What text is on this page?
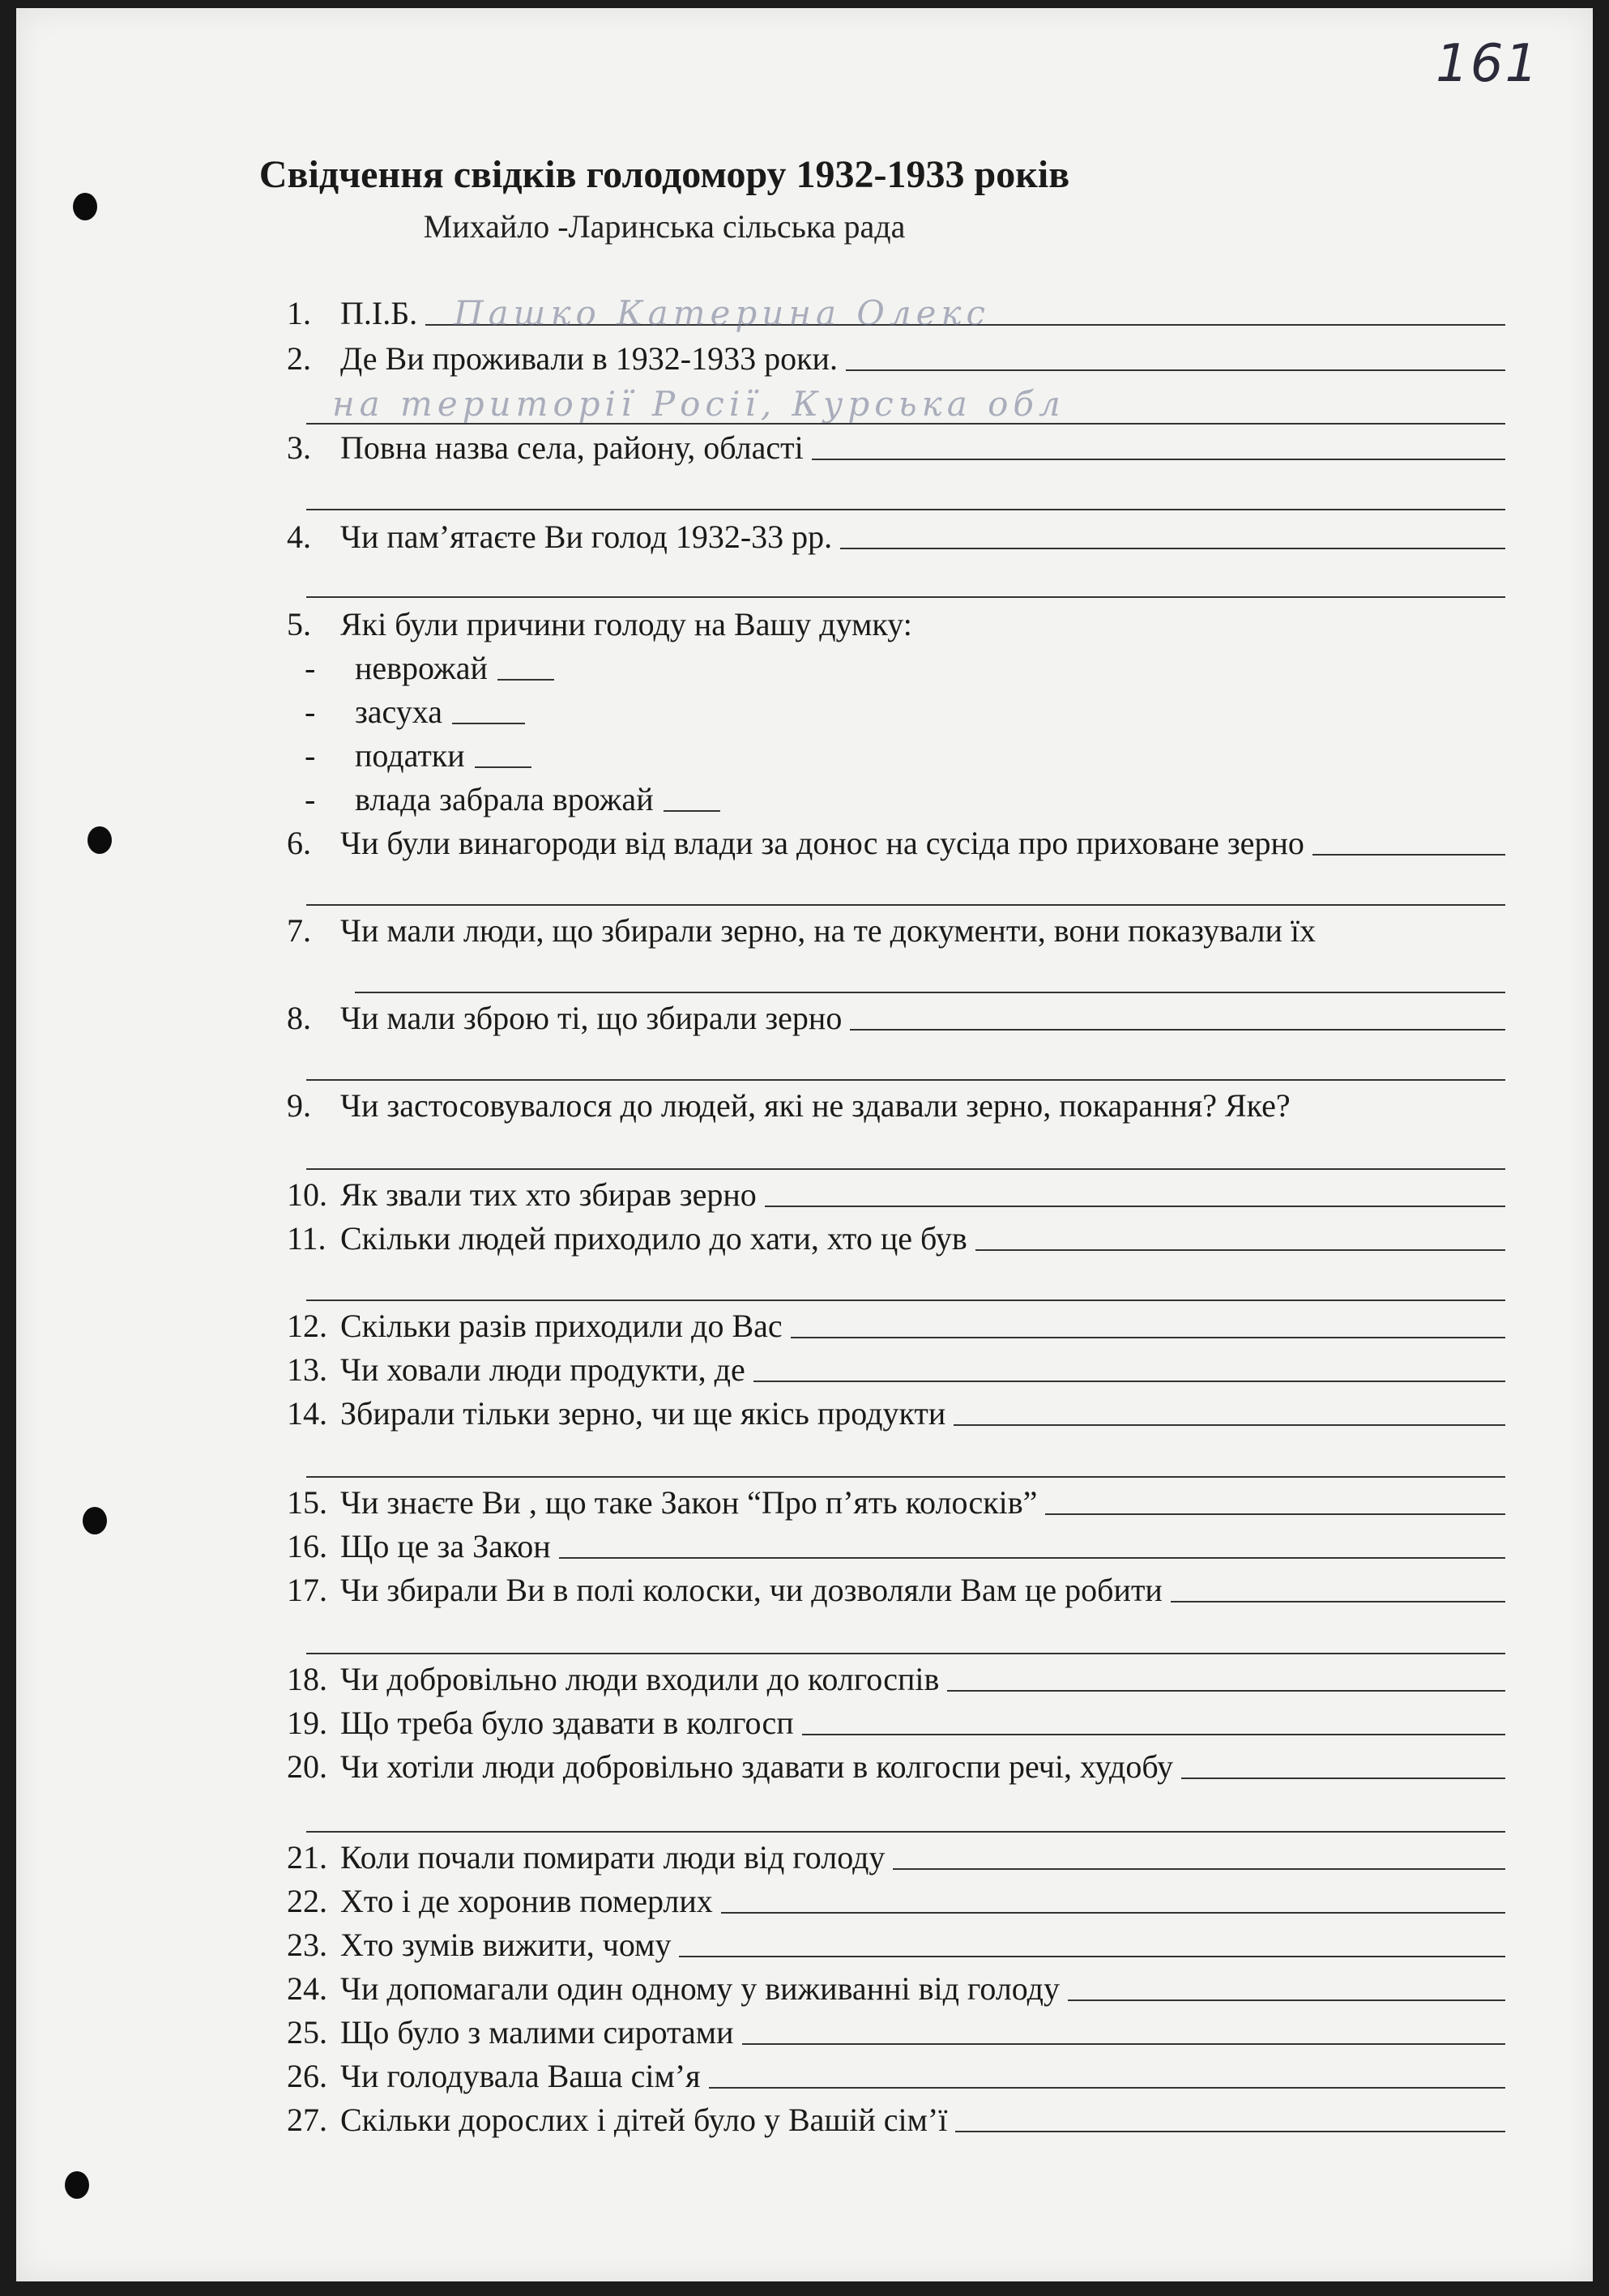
161
Свідчення свідків голодомору 1932-1933 років
Михайло -Ларинська сільська рада
1. П.І.Б. Пашко Катерина Олекс
2. Де Ви проживали в 1932-1933 роки.
на території Росії, Курська обл
3. Повна назва села, району, області
4. Чи пам’ятаєте Ви голод 1932-33 рр.
5. Які були причини голоду на Вашу думку:
-	неврожай
-	засуха
-	податки
-	влада забрала врожай
6. Чи були винагороди від влади за донос на сусіда про приховане зерно
7. Чи мали люди, що збирали зерно, на те документи, вони показували їх
8. Чи мали зброю ті, що збирали зерно
9. Чи застосовувалося до людей, які не здавали зерно, покарання? Яке?
10. Як звали тих хто збирав зерно
11. Скільки людей приходило до хати, хто це був
12. Скільки разів приходили до Вас
13. Чи ховали люди продукти, де
14. Збирали тільки зерно, чи ще якісь продукти
15. Чи знаєте Ви , що таке Закон “Про п’ять колосків”
16. Що це за Закон
17. Чи збирали Ви в полі колоски, чи дозволяли Вам це робити
18. Чи добровільно люди входили до колгоспів
19. Що треба було здавати в колгосп
20. Чи хотіли люди добровільно здавати в колгоспи речі, худобу
21. Коли почали помирати люди від голоду
22. Хто і де хоронив померлих
23. Хто зумів вижити, чому
24. Чи допомагали один одному у виживанні від голоду
25. Що було з малими сиротами
26. Чи голодувала Ваша сім’я
27. Скільки дорослих і дітей було у Вашій сім’ї
